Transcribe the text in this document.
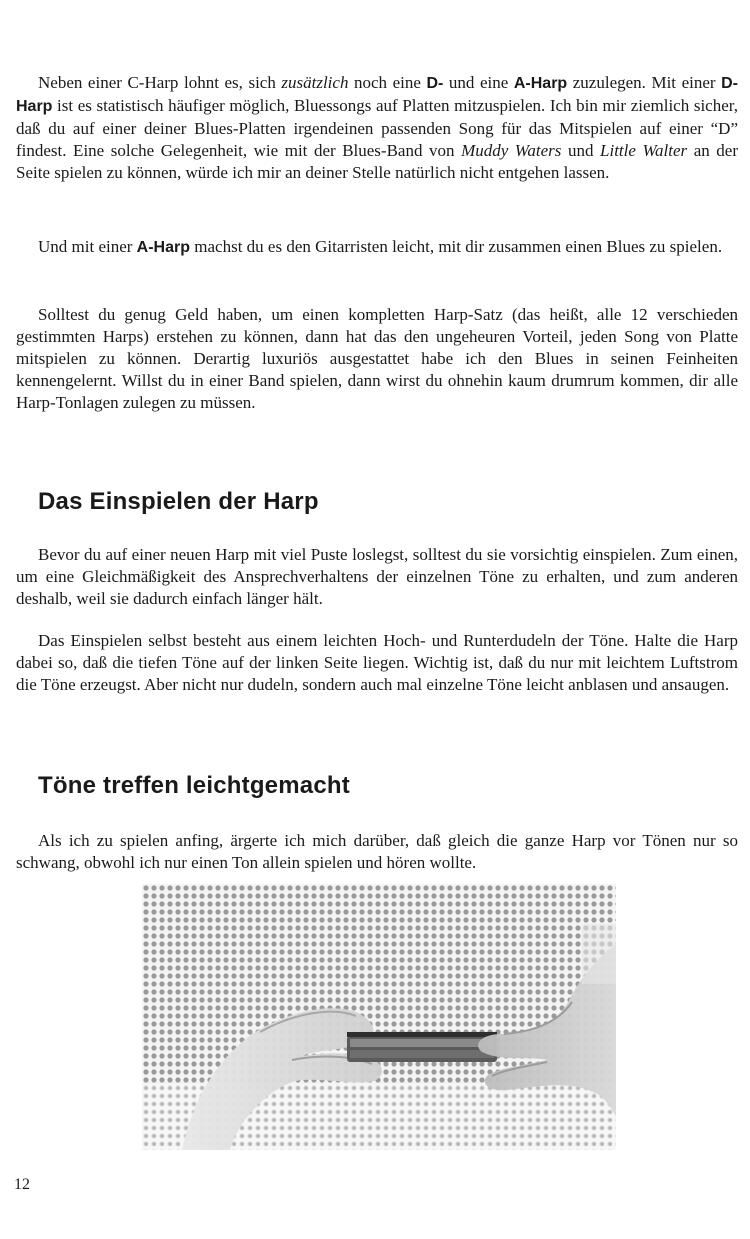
Neben einer C-Harp lohnt es, sich zusätzlich noch eine D- und eine A-Harp zuzulegen. Mit einer D-Harp ist es statistisch häufiger möglich, Bluessongs auf Platten mitzuspielen. Ich bin mir ziemlich sicher, daß du auf einer deiner Blues-Platten irgendeinen passenden Song für das Mitspielen auf einer “D” findest. Eine solche Gelegenheit, wie mit der Blues-Band von Muddy Waters und Little Walter an der Seite spielen zu können, würde ich mir an deiner Stelle natürlich nicht entgehen lassen.

Und mit einer A-Harp machst du es den Gitarristen leicht, mit dir zusammen einen Blues zu spielen.

Solltest du genug Geld haben, um einen kompletten Harp-Satz (das heißt, alle 12 verschieden gestimmten Harps) erstehen zu können, dann hat das den ungeheuren Vorteil, jeden Song von Platte mitspielen zu können. Derartig luxuriös ausgestattet habe ich den Blues in seinen Feinheiten kennengelernt. Willst du in einer Band spielen, dann wirst du ohnehin kaum drumrum kommen, dir alle Harp-Tonlagen zulegen zu müssen.

Das Einspielen der Harp

Bevor du auf einer neuen Harp mit viel Puste loslegst, solltest du sie vorsichtig einspielen. Zum einen, um eine Gleichmäßigkeit des Ansprechverhaltens der einzelnen Töne zu erhalten, und zum anderen deshalb, weil sie dadurch einfach länger hält.

Das Einspielen selbst besteht aus einem leichten Hoch- und Runterdudeln der Töne. Halte die Harp dabei so, daß die tiefen Töne auf der linken Seite liegen. Wichtig ist, daß du nur mit leichtem Luftstrom die Töne erzeugst. Aber nicht nur dudeln, sondern auch mal einzelne Töne leicht anblasen und ansaugen.

Töne treffen leichtgemacht

Als ich zu spielen anfing, ärgerte ich mich darüber, daß gleich die ganze Harp vor Tönen nur so schwang, obwohl ich nur einen Ton allein spielen und hören wollte.

12
